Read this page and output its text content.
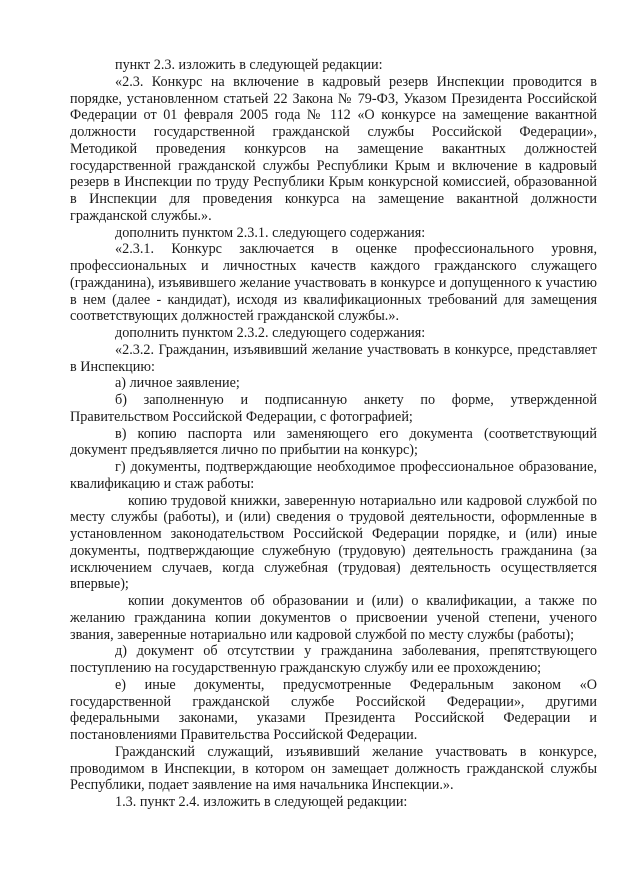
пункт 2.3. изложить в следующей редакции:

«2.3. Конкурс на включение в кадровый резерв Инспекции проводится в порядке, установленном статьей 22 Закона № 79-ФЗ, Указом Президента Российской Федерации от 01 февраля 2005 года № 112 «О конкурсе на замещение вакантной должности государственной гражданской службы Российской Федерации», Методикой проведения конкурсов на замещение вакантных должностей государственной гражданской службы Республики Крым и включение в кадровый резерв в Инспекции по труду Республики Крым конкурсной комиссией, образованной в Инспекции для проведения конкурса на замещение вакантной должности гражданской службы.».

дополнить пунктом 2.3.1. следующего содержания:

«2.3.1. Конкурс заключается в оценке профессионального уровня, профессиональных и личностных качеств каждого гражданского служащего (гражданина), изъявившего желание участвовать в конкурсе и допущенного к участию в нем (далее - кандидат), исходя из квалификационных требований для замещения соответствующих должностей гражданской службы.».

дополнить пунктом 2.3.2. следующего содержания:

«2.3.2. Гражданин, изъявивший желание участвовать в конкурсе, представляет в Инспекцию:

а) личное заявление;

б) заполненную и подписанную анкету по форме, утвержденной Правительством Российской Федерации, с фотографией;

в) копию паспорта или заменяющего его документа (соответствующий документ предъявляется лично по прибытии на конкурс);

г) документы, подтверждающие необходимое профессиональное образование, квалификацию и стаж работы:

копию трудовой книжки, заверенную нотариально или кадровой службой по месту службы (работы), и (или) сведения о трудовой деятельности, оформленные в установленном законодательством Российской Федерации порядке, и (или) иные документы, подтверждающие служебную (трудовую) деятельность гражданина (за исключением случаев, когда служебная (трудовая) деятельность осуществляется впервые);

копии документов об образовании и (или) о квалификации, а также по желанию гражданина копии документов о присвоении ученой степени, ученого звания, заверенные нотариально или кадровой службой по месту службы (работы);

д) документ об отсутствии у гражданина заболевания, препятствующего поступлению на государственную гражданскую службу или ее прохождению;

е) иные документы, предусмотренные Федеральным законом «О государственной гражданской службе Российской Федерации», другими федеральными законами, указами Президента Российской Федерации и постановлениями Правительства Российской Федерации.

Гражданский служащий, изъявивший желание участвовать в конкурсе, проводимом в Инспекции, в котором он замещает должность гражданской службы Республики, подает заявление на имя начальника Инспекции.».

1.3. пункт 2.4. изложить в следующей редакции:
